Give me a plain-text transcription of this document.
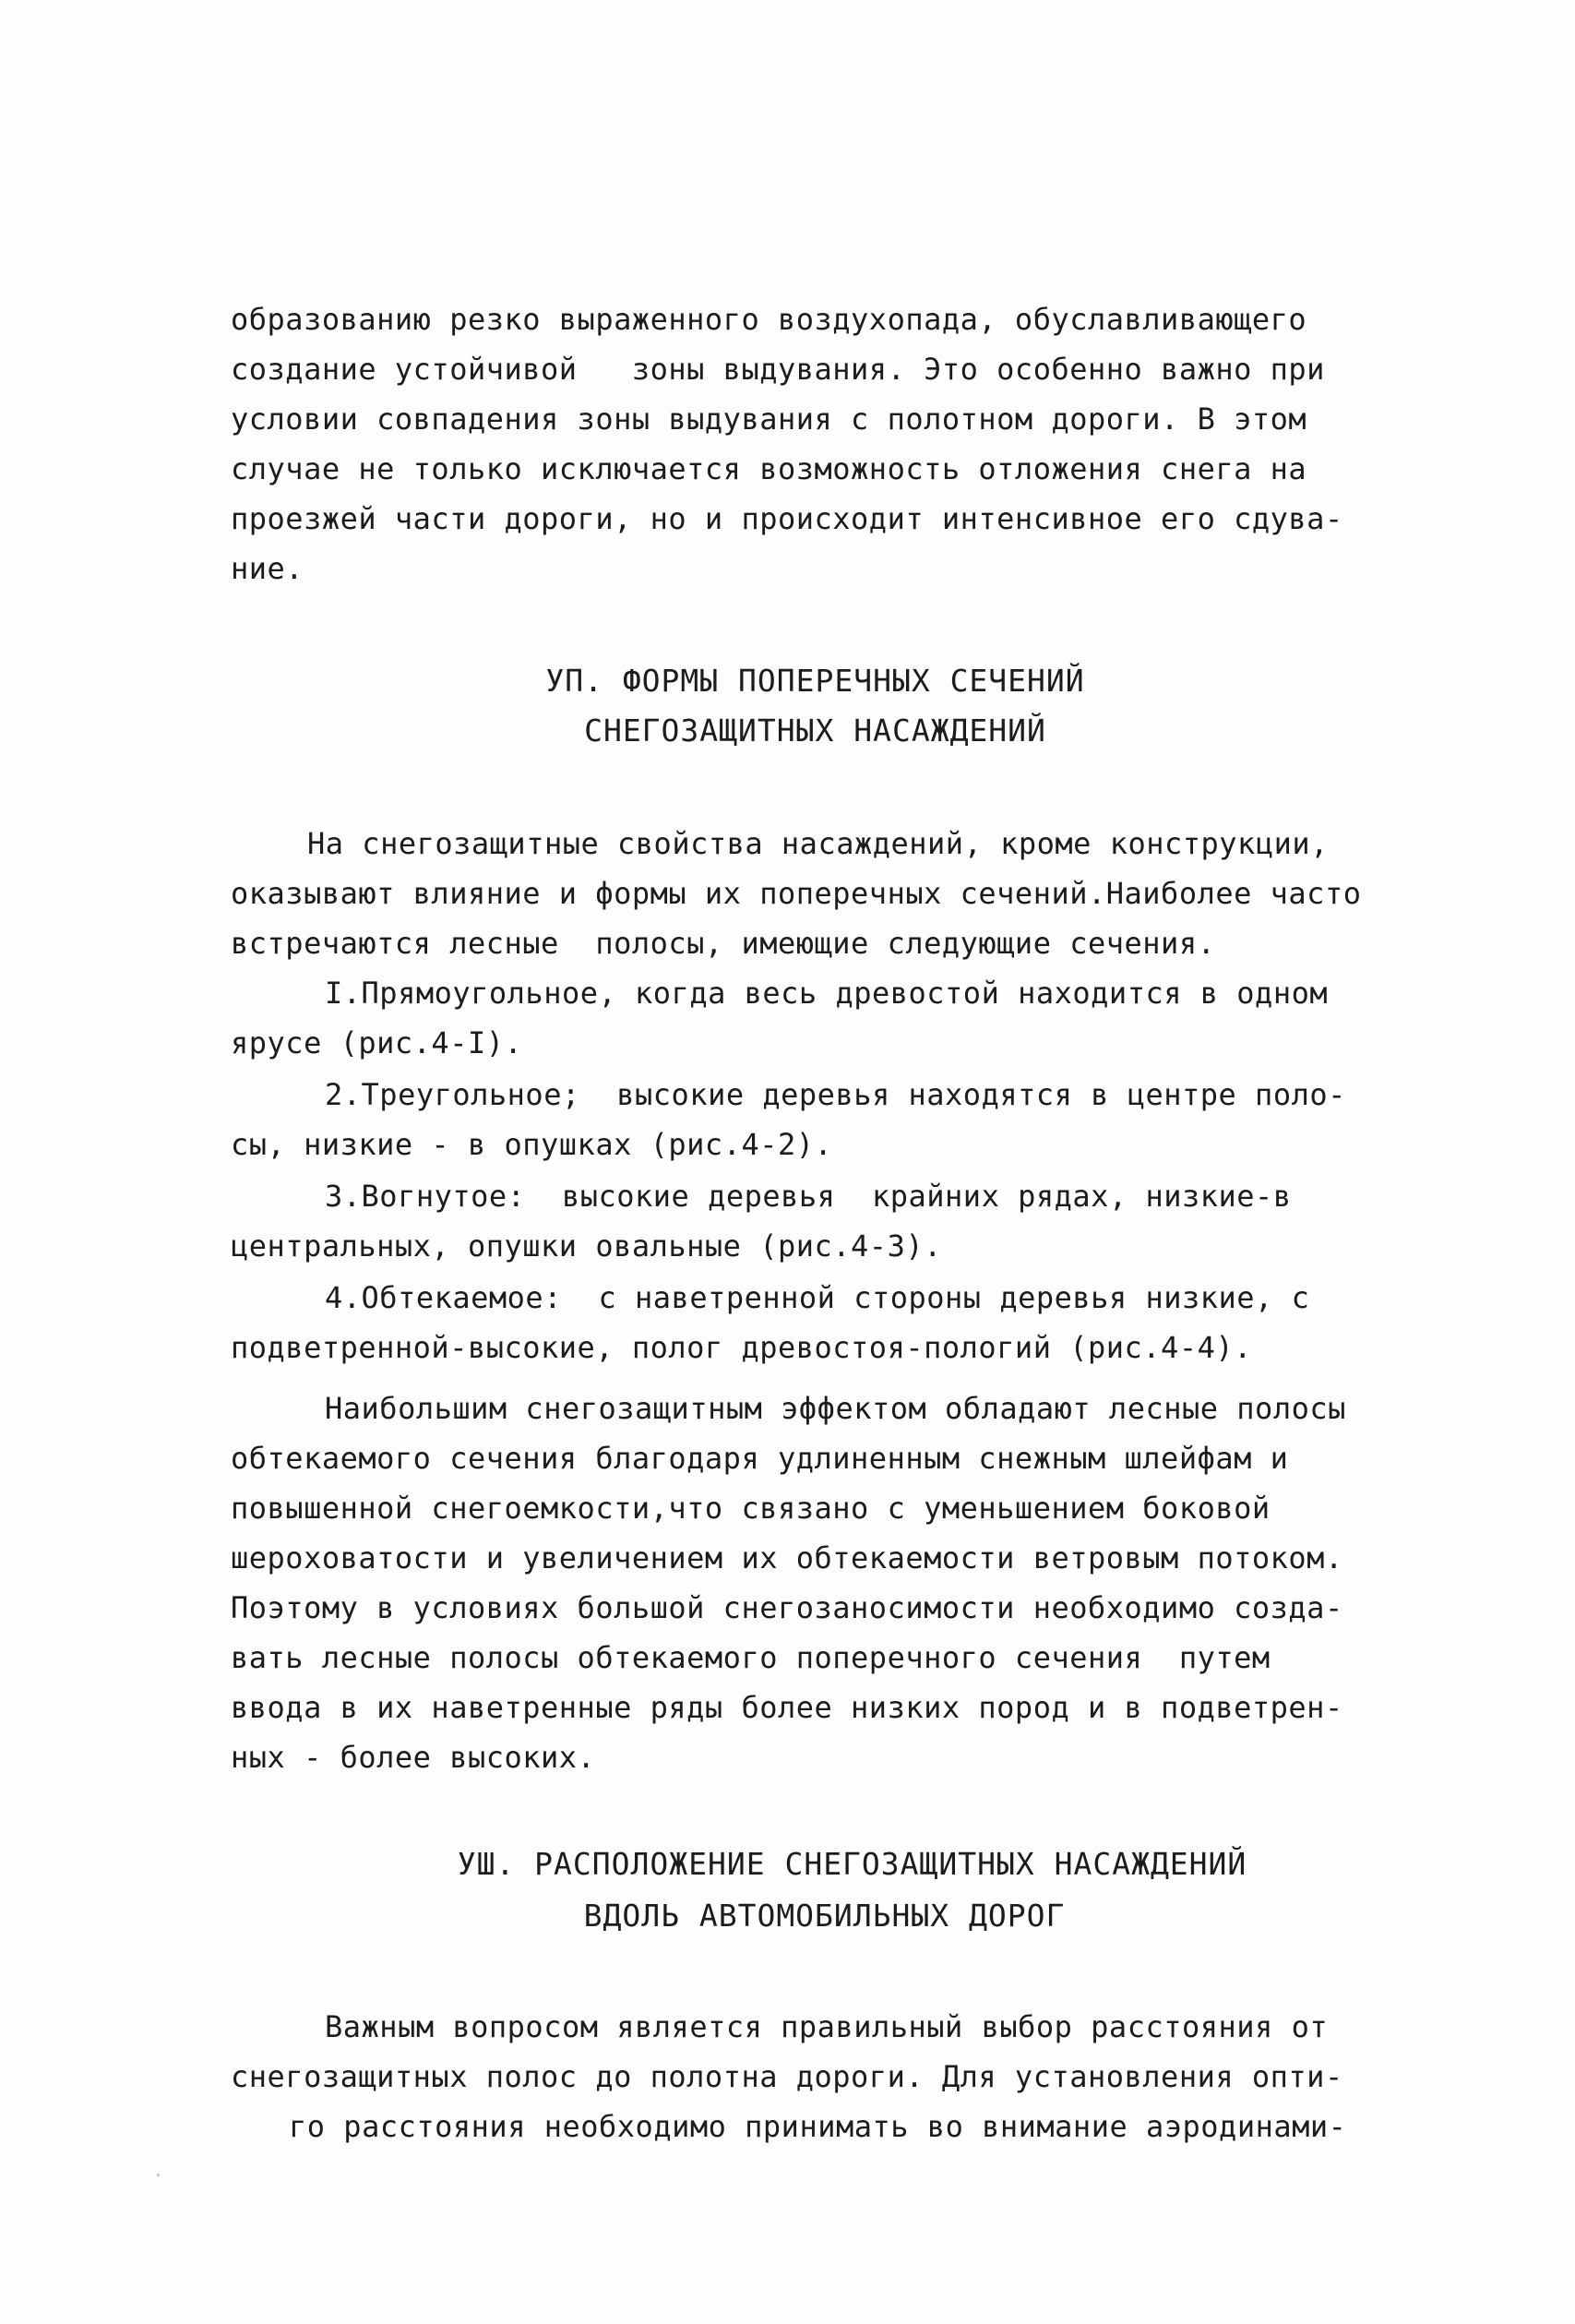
образованию резко выраженного воздухопада, обуславливающего
создание устойчивой   зоны выдувания. Это особенно важно при
условии совпадения зоны выдувания с полотном дороги. В этом
случае не только исключается возможность отложения снега на
проезжей части дороги, но и происходит интенсивное его сдува-
ние.
УП. ФОРМЫ ПОПЕРЕЧНЫХ СЕЧЕНИЙ
СНЕГОЗАЩИТНЫХ НАСАЖДЕНИЙ
На снегозащитные свойства насаждений, кроме конструкции,
оказывают влияние и формы их поперечных сечений.Наиболее часто
встречаются лесные  полосы, имеющие следующие сечения.
I.Прямоугольное, когда весь древостой находится в одном
ярусе (рис.4-I).
2.Треугольное;  высокие деревья находятся в центре поло-
сы, низкие - в опушках (рис.4-2).
3.Вогнутое:  высокие деревья  крайних рядах, низкие-в
центральных, опушки овальные (рис.4-3).
4.Обтекаемое:  с наветренной стороны деревья низкие, с
подветренной-высокие, полог древостоя-пологий (рис.4-4).
Наибольшим снегозащитным эффектом обладают лесные полосы
обтекаемого сечения благодаря удлиненным снежным шлейфам и
повышенной снегоемкости,что связано с уменьшением боковой
шероховатости и увеличением их обтекаемости ветровым потоком.
Поэтому в условиях большой снегозаносимости необходимо созда-
вать лесные полосы обтекаемого поперечного сечения  путем
ввода в их наветренные ряды более низких пород и в подветрен-
ных - более высоких.
УШ. РАСПОЛОЖЕНИЕ СНЕГОЗАЩИТНЫХ НАСАЖДЕНИЙ
ВДОЛЬ АВТОМОБИЛЬНЫХ ДОРОГ
Важным вопросом является правильный выбор расстояния от
снегозащитных полос до полотна дороги. Для установления опти-
го расстояния необходимо принимать во внимание аэродинами-
